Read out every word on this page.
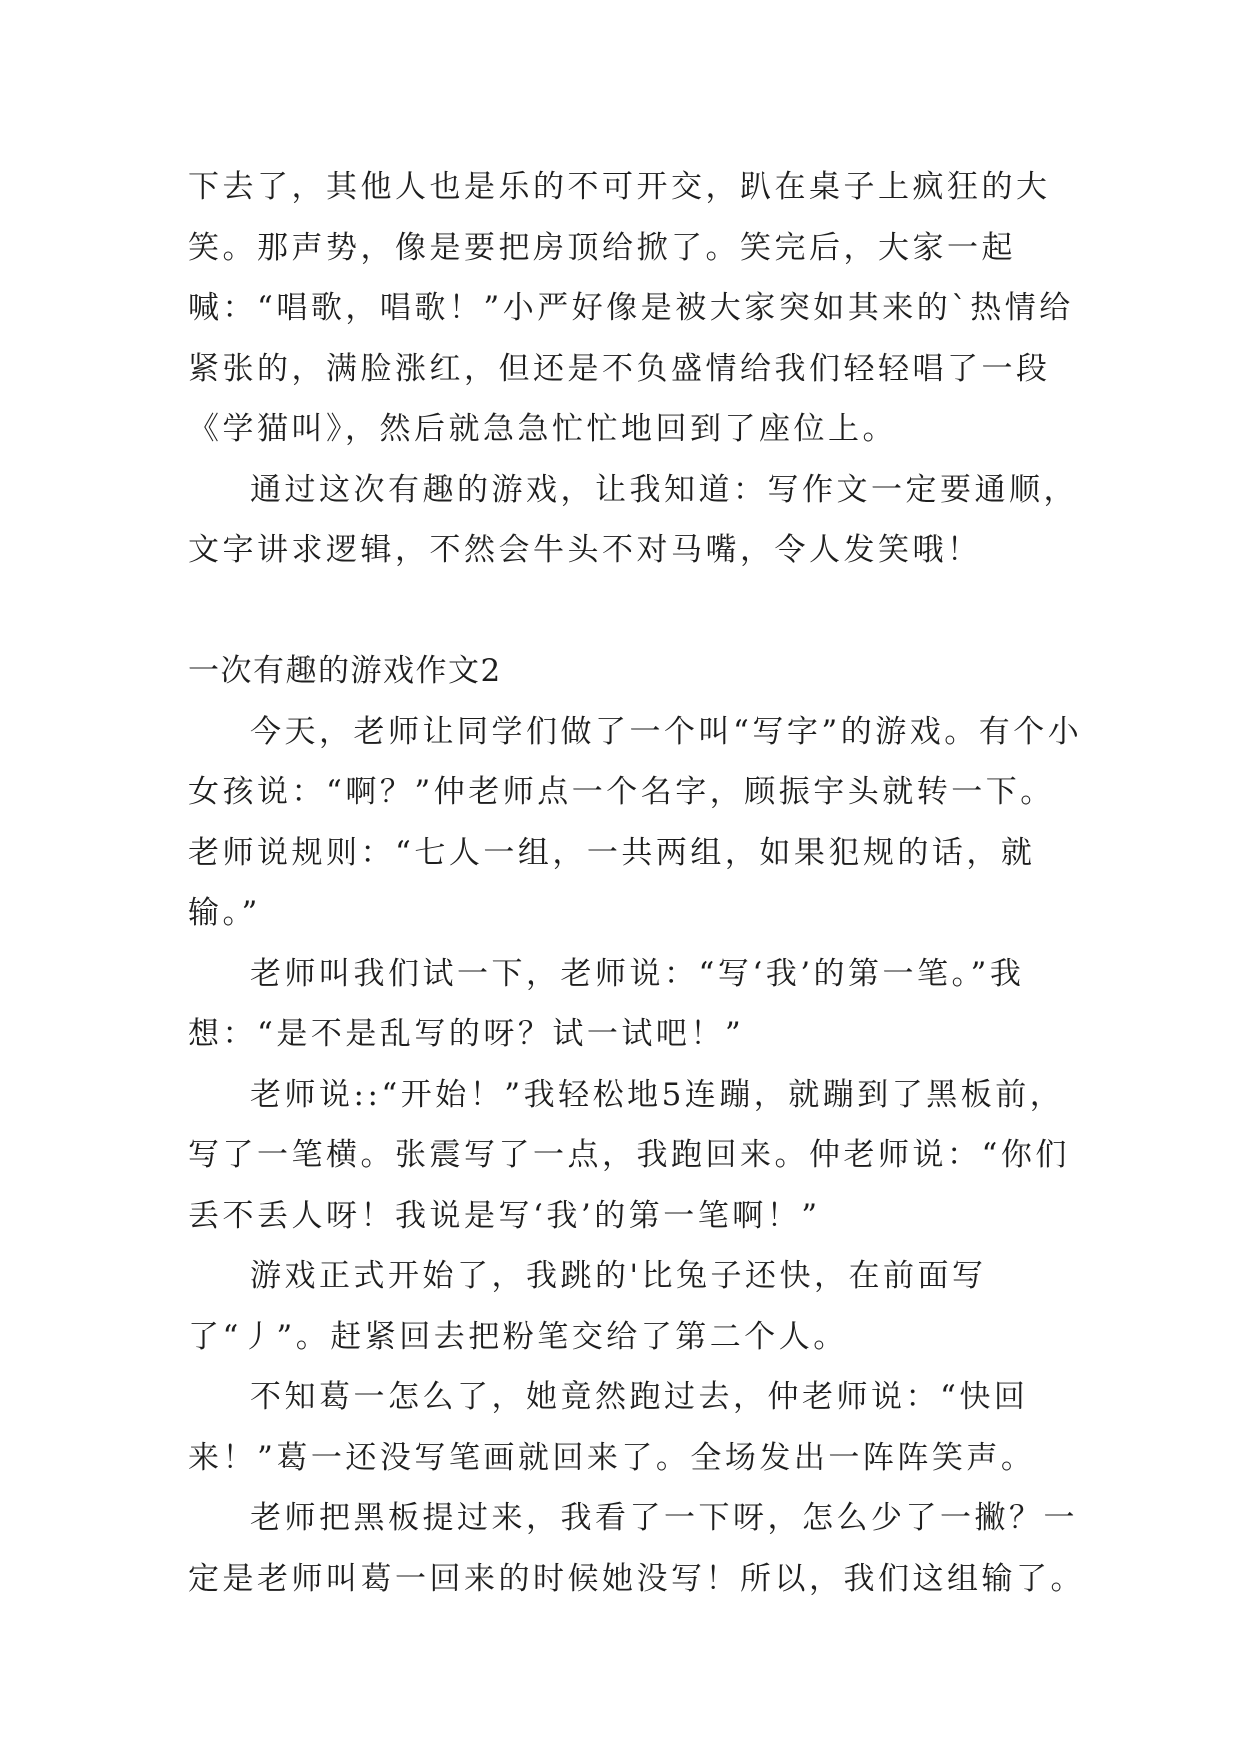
下去了，其他人也是乐的不可开交，趴在桌子上疯狂的大笑。那声势，像是要把房顶给掀了。笑完后，大家一起喊：“唱歌，唱歌！”小严好像是被大家突如其来的`热情给紧张的，满脸涨红，但还是不负盛情给我们轻轻唱了一段《学猫叫》，然后就急急忙忙地回到了座位上。

通过这次有趣的游戏，让我知道：写作文一定要通顺，文字讲求逻辑，不然会牛头不对马嘴，令人发笑哦！

一次有趣的游戏作文2

今天，老师让同学们做了一个叫“写字”的游戏。有个小女孩说：“啊？”仲老师点一个名字，顾振宇头就转一下。老师说规则：“七人一组，一共两组，如果犯规的话，就输。”

老师叫我们试一下，老师说：“写‘我’的第一笔。”我想：“是不是乱写的呀？试一试吧！”

老师说::“开始！”我轻松地5连蹦，就蹦到了黑板前，写了一笔横。张震写了一点，我跑回来。仲老师说：“你们丢不丢人呀！我说是写‘我’的第一笔啊！”

游戏正式开始了，我跳的'比兔子还快，在前面写了“丿”。赶紧回去把粉笔交给了第二个人。

不知葛一怎么了，她竟然跑过去，仲老师说：“快回来！”葛一还没写笔画就回来了。全场发出一阵阵笑声。

老师把黑板提过来，我看了一下呀，怎么少了一撇？一定是老师叫葛一回来的时候她没写！所以，我们这组输了。
